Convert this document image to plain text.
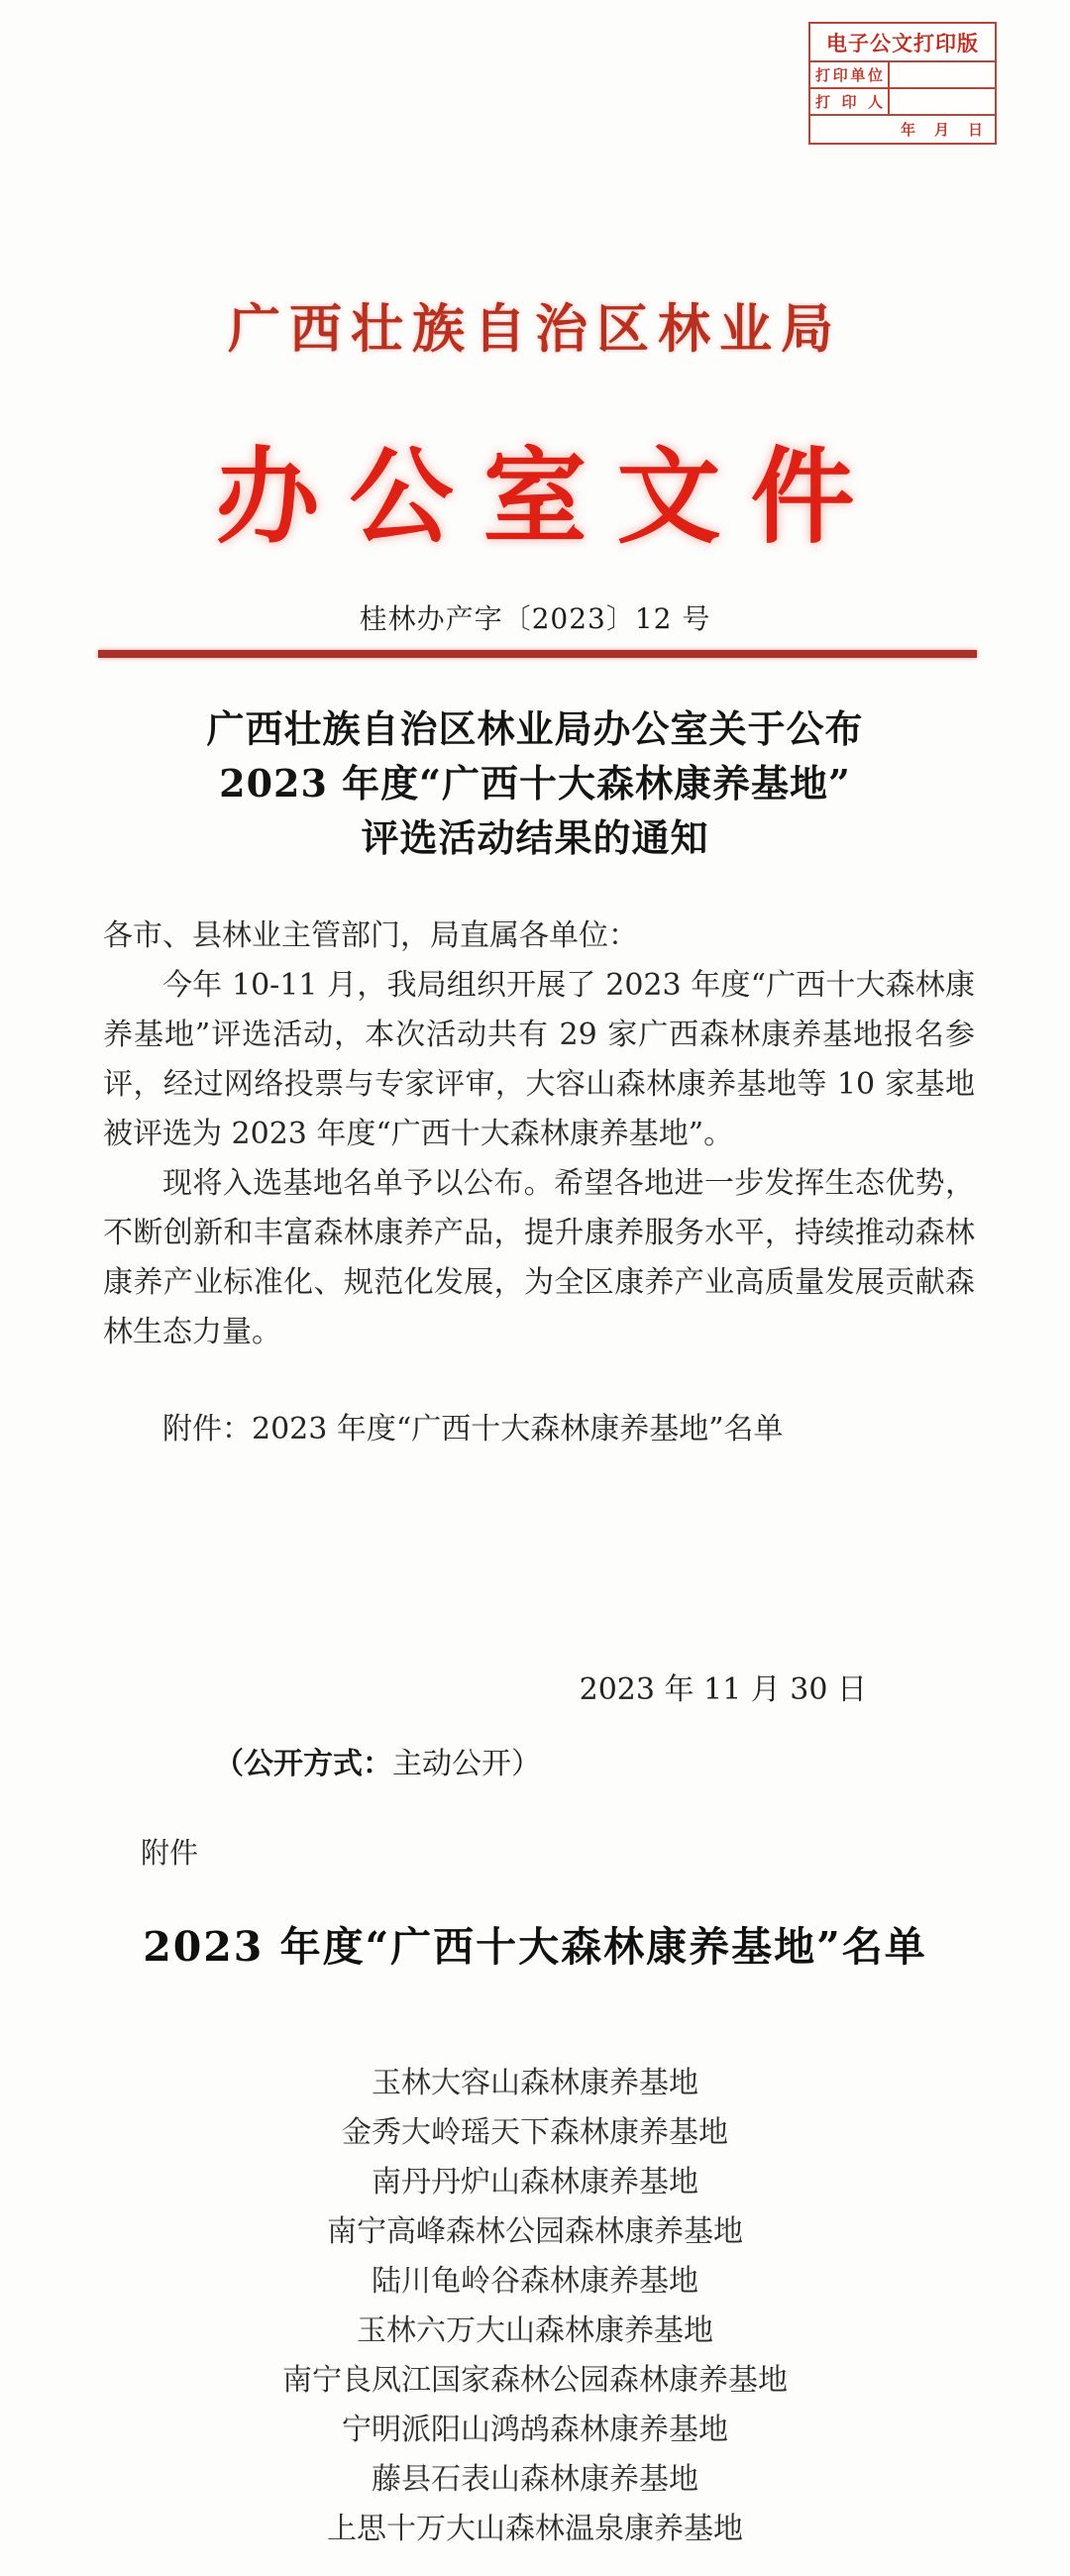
电子公文打印版	
打印单位	
打印人	
年　月　日	
广西壮族自治区林业局
办公室文件
桂林办产字〔2023〕12 号
广西壮族自治区林业局办公室关于公布
2023 年度“广西十大森林康养基地”
评选活动结果的通知

各市、县林业主管部门，局直属各单位：

今年 10-11 月，我局组织开展了 2023 年度“广西十大森林康养基地”评选活动，本次活动共有 29 家广西森林康养基地报名参评，经过网络投票与专家评审，大容山森林康养基地等 10 家基地被评选为 2023 年度“广西十大森林康养基地”。

现将入选基地名单予以公布。希望各地进一步发挥生态优势，不断创新和丰富森林康养产品，提升康养服务水平，持续推动森林康养产业标准化、规范化发展，为全区康养产业高质量发展贡献森林生态力量。

附件：2023 年度“广西十大森林康养基地”名单

2023 年 11 月 30 日
（公开方式：主动公开）
附件
2023 年度“广西十大森林康养基地”名单
玉林大容山森林康养基地
金秀大岭瑶天下森林康养基地
南丹丹炉山森林康养基地
南宁高峰森林公园森林康养基地
陆川龟岭谷森林康养基地
玉林六万大山森林康养基地
南宁良凤江国家森林公园森林康养基地
宁明派阳山鸿鸪森林康养基地
藤县石表山森林康养基地
上思十万大山森林温泉康养基地
